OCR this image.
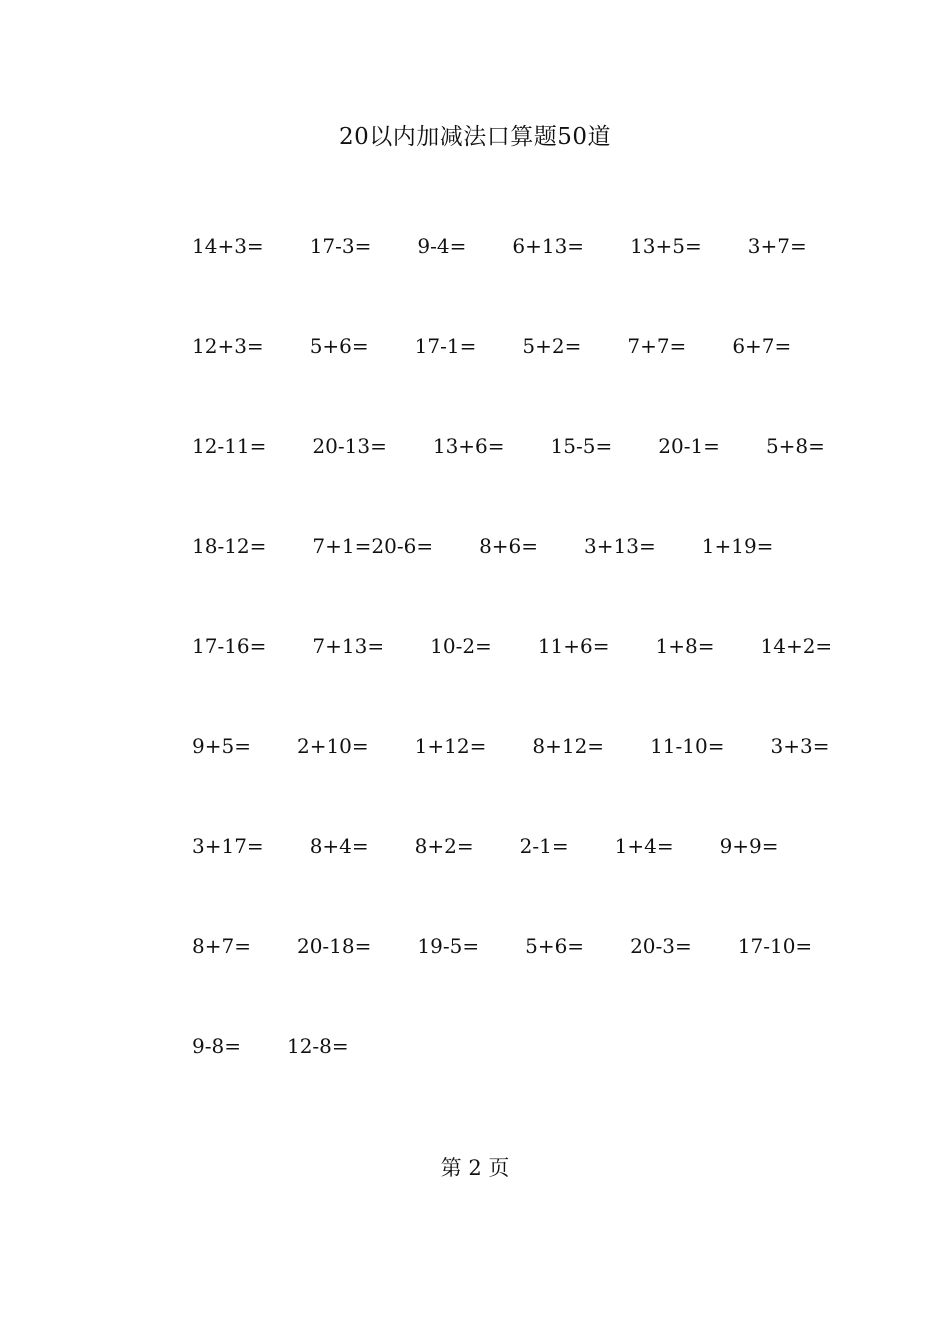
20以内加减法口算题50道
14+3= 17-3= 9-4= 6+13= 13+5= 3+7=
12+3= 5+6= 17-1= 5+2= 7+7= 6+7=
12-11= 20-13= 13+6= 15-5= 20-1= 5+8=
18-12= 7+1=20-6= 8+6= 3+13= 1+19=
17-16= 7+13= 10-2= 11+6= 1+8= 14+2=
9+5= 2+10= 1+12= 8+12= 11-10= 3+3=
3+17= 8+4= 8+2= 2-1= 1+4= 9+9=
8+7= 20-18= 19-5= 5+6= 20-3= 17-10=
9-8= 12-8=
第 2 页
